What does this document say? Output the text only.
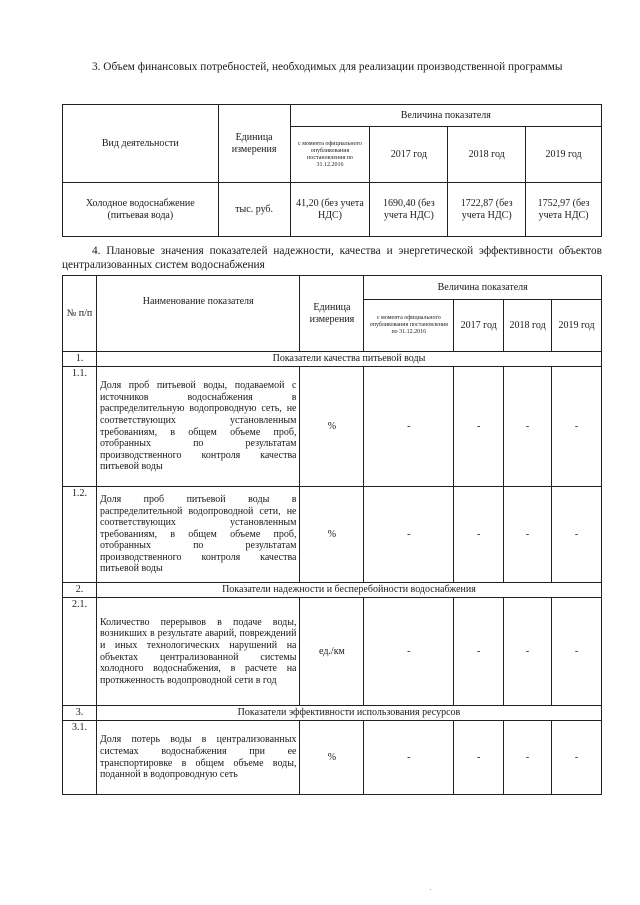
3. Объем финансовых потребностей, необходимых для реализации производственной программы
Вид деятельности	Единица измерения	Величина показателя			
		с момента официального опубликования постановления по 31.12.2016	2017 год	2018 год	2019 год
Холодное водоснабжение (питьевая вода)	тыс. руб.	41,20 (без учета НДС)	1690,40 (без учета НДС)	1722,87 (без учета НДС)	1752,97 (без учета НДС)
4. Плановые значения показателей надежности, качества и энергетической эффективности объектов централизованных систем водоснабжения
№ п/п	Наименование показателя	Единица измерения	Величина показателя			
			с момента официального опубликования постановления по 31.12.2016	2017 год	2018 год	2019 год
1.	Показатели качества питьевой воды					
1.1.	Доля проб питьевой воды, подаваемой с источников водоснабжения в распределительную водопроводную сеть, не соответствующих установленным требованиям, в общем объеме проб, отобранных по результатам производственного контроля качества питьевой воды	%	-	-	-	-
1.2.	Доля проб питьевой воды в распределительной водопроводной сети, не соответствующих установленным требованиям, в общем объеме проб, отобранных по результатам производственного контроля качества питьевой воды	%	-	-	-	-
2.	Показатели надежности и бесперебойности водоснабжения					
2.1.	Количество перерывов в подаче воды, возникших в результате аварий, повреждений и иных технологических нарушений на объектах централизованной системы холодного водоснабжения, в расчете на протяженность водопроводной сети в год	ед./км	-	-	-	-
3.	Показатели эффективности использования ресурсов					
3.1.	Доля потерь воды в централизованных системах водоснабжения при ее транспортировке в общем объеме воды, поданной в водопроводную сеть	%	-	-	-	-
.
